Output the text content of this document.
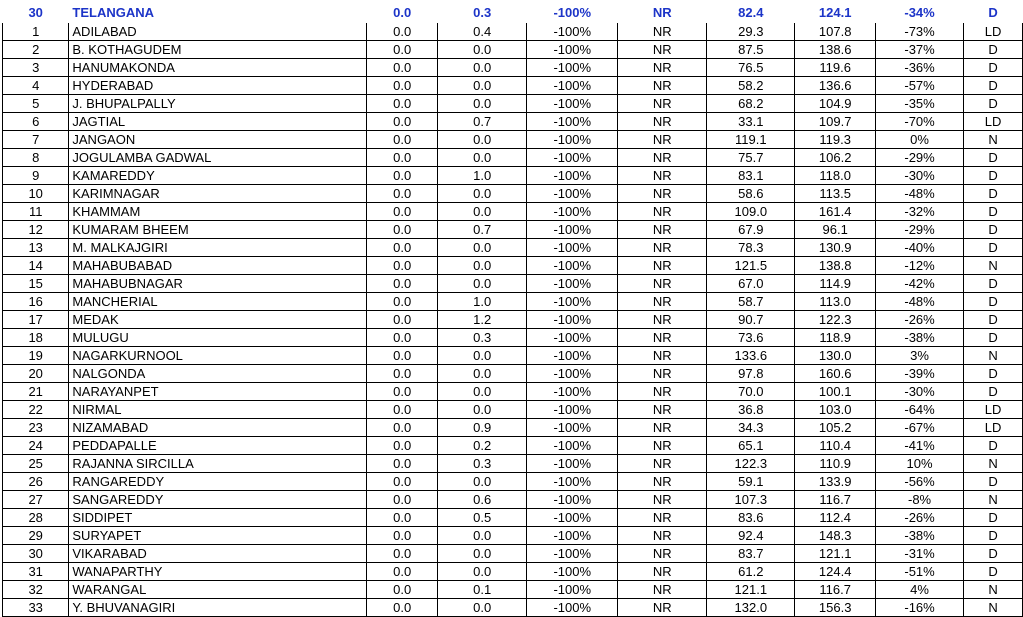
30	TELANGANA	0.0	0.3	-100%	NR	82.4	124.1	-34%	D
1	ADILABAD	0.0	0.4	-100%	NR	29.3	107.8	-73%	LD
2	B. KOTHAGUDEM	0.0	0.0	-100%	NR	87.5	138.6	-37%	D
3	HANUMAKONDA	0.0	0.0	-100%	NR	76.5	119.6	-36%	D
4	HYDERABAD	0.0	0.0	-100%	NR	58.2	136.6	-57%	D
5	J. BHUPALPALLY	0.0	0.0	-100%	NR	68.2	104.9	-35%	D
6	JAGTIAL	0.0	0.7	-100%	NR	33.1	109.7	-70%	LD
7	JANGAON	0.0	0.0	-100%	NR	119.1	119.3	0%	N
8	JOGULAMBA GADWAL	0.0	0.0	-100%	NR	75.7	106.2	-29%	D
9	KAMAREDDY	0.0	1.0	-100%	NR	83.1	118.0	-30%	D
10	KARIMNAGAR	0.0	0.0	-100%	NR	58.6	113.5	-48%	D
11	KHAMMAM	0.0	0.0	-100%	NR	109.0	161.4	-32%	D
12	KUMARAM BHEEM	0.0	0.7	-100%	NR	67.9	96.1	-29%	D
13	M. MALKAJGIRI	0.0	0.0	-100%	NR	78.3	130.9	-40%	D
14	MAHABUBABAD	0.0	0.0	-100%	NR	121.5	138.8	-12%	N
15	MAHABUBNAGAR	0.0	0.0	-100%	NR	67.0	114.9	-42%	D
16	MANCHERIAL	0.0	1.0	-100%	NR	58.7	113.0	-48%	D
17	MEDAK	0.0	1.2	-100%	NR	90.7	122.3	-26%	D
18	MULUGU	0.0	0.3	-100%	NR	73.6	118.9	-38%	D
19	NAGARKURNOOL	0.0	0.0	-100%	NR	133.6	130.0	3%	N
20	NALGONDA	0.0	0.0	-100%	NR	97.8	160.6	-39%	D
21	NARAYANPET	0.0	0.0	-100%	NR	70.0	100.1	-30%	D
22	NIRMAL	0.0	0.0	-100%	NR	36.8	103.0	-64%	LD
23	NIZAMABAD	0.0	0.9	-100%	NR	34.3	105.2	-67%	LD
24	PEDDAPALLE	0.0	0.2	-100%	NR	65.1	110.4	-41%	D
25	RAJANNA SIRCILLA	0.0	0.3	-100%	NR	122.3	110.9	10%	N
26	RANGAREDDY	0.0	0.0	-100%	NR	59.1	133.9	-56%	D
27	SANGAREDDY	0.0	0.6	-100%	NR	107.3	116.7	-8%	N
28	SIDDIPET	0.0	0.5	-100%	NR	83.6	112.4	-26%	D
29	SURYAPET	0.0	0.0	-100%	NR	92.4	148.3	-38%	D
30	VIKARABAD	0.0	0.0	-100%	NR	83.7	121.1	-31%	D
31	WANAPARTHY	0.0	0.0	-100%	NR	61.2	124.4	-51%	D
32	WARANGAL	0.0	0.1	-100%	NR	121.1	116.7	4%	N
33	Y. BHUVANAGIRI	0.0	0.0	-100%	NR	132.0	156.3	-16%	N
